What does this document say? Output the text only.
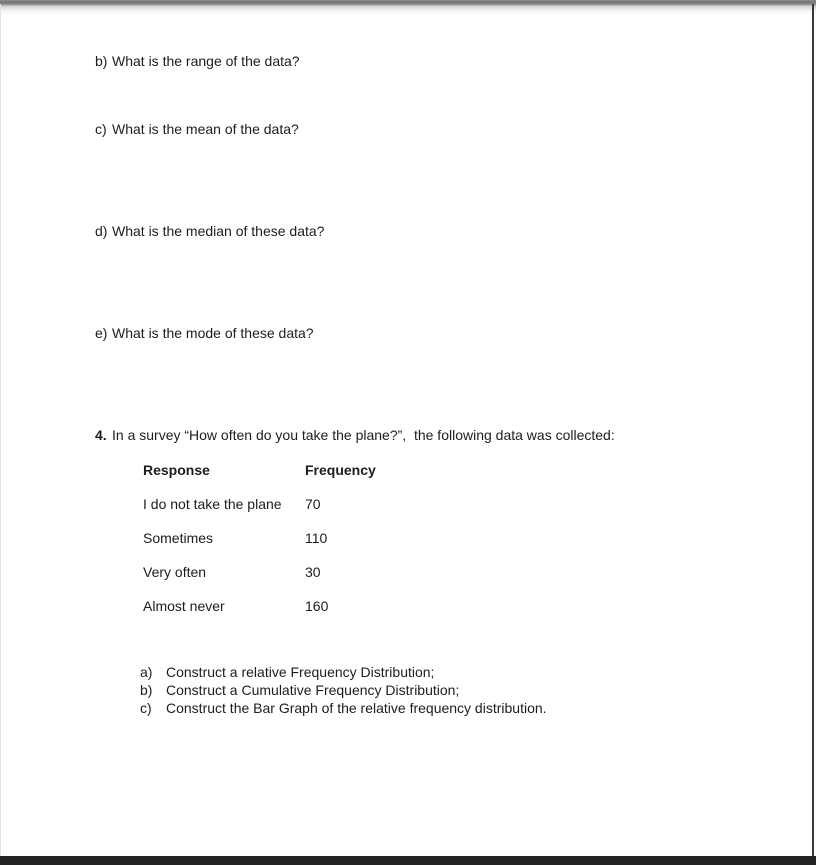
b) What is the range of the data?
c) What is the mean of the data?
d) What is the median of these data?
e) What is the mode of these data?
4. In a survey “How often do you take the plane?”,  the following data was collected:
Response	Frequency
I do not take the plane	70
Sometimes	110
Very often	30
Almost never	160
a) Construct a relative Frequency Distribution;
b) Construct a Cumulative Frequency Distribution;
c)	Construct the Bar Graph of the relative frequency distribution.
